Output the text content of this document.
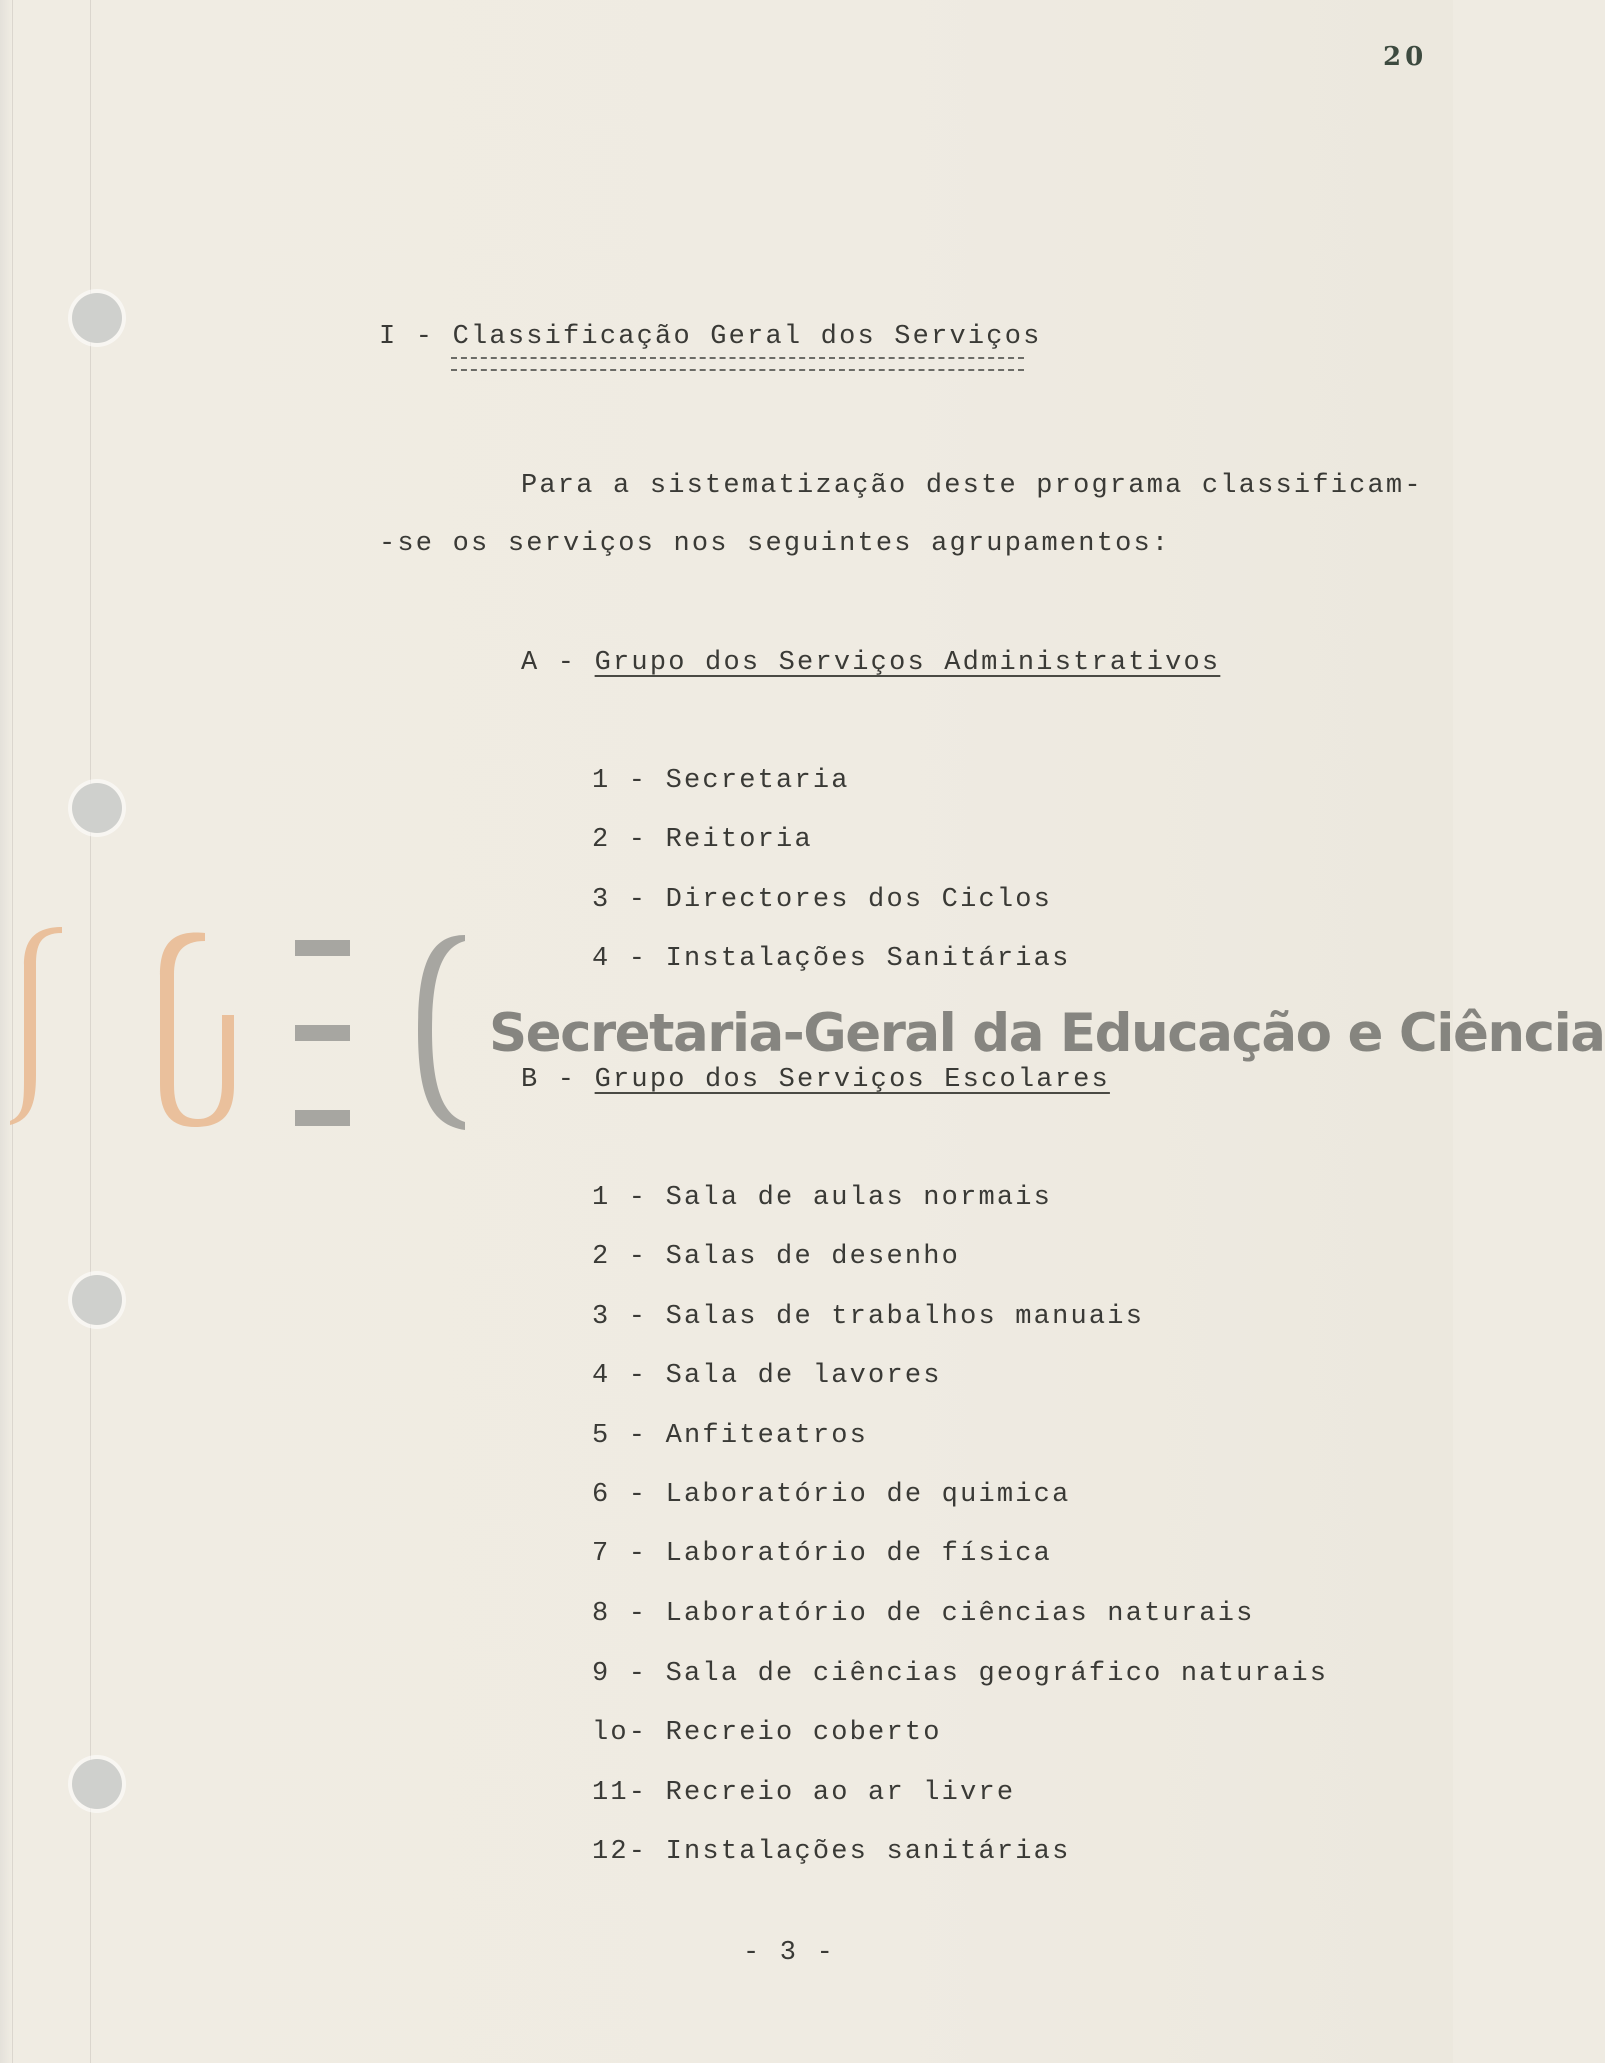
20
I - Classificação Geral dos Serviços
Para a sistematização deste programa classificam-
-se os serviços nos seguintes agrupamentos:
A - Grupo dos Serviços Administrativos
1 - Secretaria
2 - Reitoria
3 - Directores dos Ciclos
4 - Instalações Sanitárias
Secretaria-Geral da Educação e Ciência
B - Grupo dos Serviços Escolares
1 - Sala de aulas normais
2 - Salas de desenho
3 - Salas de trabalhos manuais
4 - Sala de lavores
5 - Anfiteatros
6 - Laboratório de quimica
7 - Laboratório de física
8 - Laboratório de ciências naturais
9 - Sala de ciências geográfico naturais
lo- Recreio coberto
11- Recreio ao ar livre
12- Instalações sanitárias
- 3 -
